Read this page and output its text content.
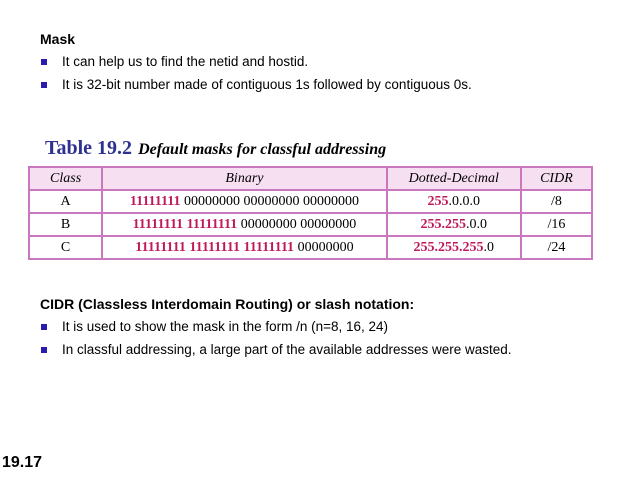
Mask
It can help us to find the netid and hostid.
It is 32-bit number made of contiguous 1s followed by contiguous 0s.
Table 19.2 Default masks for classful addressing
Class	Binary	Dotted-Decimal	CIDR
A	11111111 00000000 00000000 00000000	255.0.0.0	/8
B	11111111 11111111 00000000 00000000	255.255.0.0	/16
C	11111111 11111111 11111111 00000000	255.255.255.0	/24
CIDR (Classless Interdomain Routing) or slash notation:
It is used to show the mask in the form /n (n=8, 16, 24)
In classful addressing, a large part of the available addresses were wasted.
19.17
